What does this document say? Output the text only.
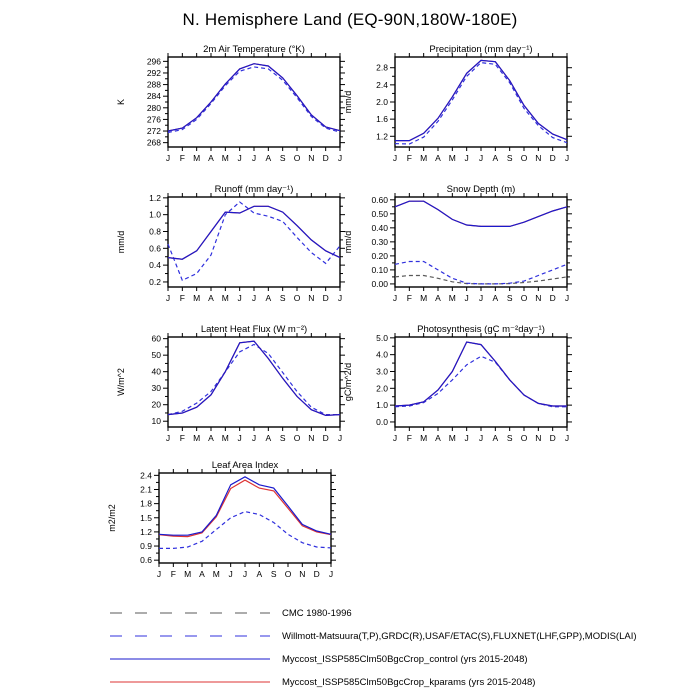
N. Hemisphere Land (EQ-90N,180W-180E)
2m Air Temperature (°K)
K
268
272
276
280
284
288
292
296
J F M A M J J A S O N D J
Precipitation (mm day⁻¹)
mm/d
1.2
1.6
2.0
2.4
2.8
J F M A M J J A S O N D J
Runoff (mm day⁻¹)
mm/d
0.2
0.4
0.6
0.8
1.0
1.2
J F M A M J J A S O N D J
Snow Depth (m)
mm/d
0.00
0.10
0.20
0.30
0.40
0.50
0.60
J F M A M J J A S O N D J
Latent Heat Flux (W m⁻²)
W/m^2
10
20
30
40
50
60
J F M A M J J A S O N D J
Photosynthesis (gC m⁻²day⁻¹)
gC/m^2/d
0.0
1.0
2.0
3.0
4.0
5.0
J F M A M J J A S O N D J
Leaf Area Index
m2/m2
0.6
0.9
1.2
1.5
1.8
2.1
2.4
J F M A M J J A S O N D J
CMC 1980-1996
Willmott-Matsuura(T,P),GRDC(R),USAF/ETAC(S),FLUXNET(LHF,GPP),MODIS(LAI)
Myccost_ISSP585Clm50BgcCrop_control (yrs 2015-2048)
Myccost_ISSP585Clm50BgcCrop_kparams (yrs 2015-2048)
